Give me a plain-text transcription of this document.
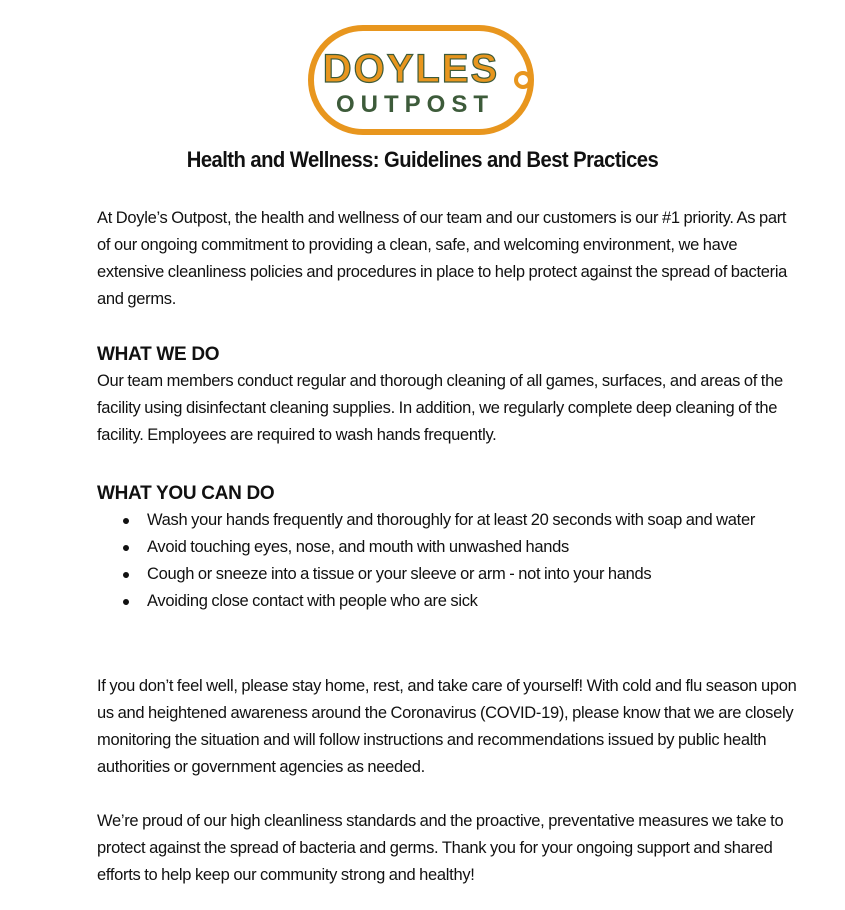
DOYLES
OUTPOST
Health and Wellness: Guidelines and Best Practices

At Doyle’s Outpost, the health and wellness of our team and our customers is our #1 priority. As part of our ongoing commitment to providing a clean, safe, and welcoming environment, we have extensive cleanliness policies and procedures in place to help protect against the spread of bacteria and germs.

WHAT WE DO

Our team members conduct regular and thorough cleaning of all games, surfaces, and areas of the facility using disinfectant cleaning supplies. In addition, we regularly complete deep cleaning of the facility. Employees are required to wash hands frequently.

WHAT YOU CAN DO
Wash your hands frequently and thoroughly for at least 20 seconds with soap and water
Avoid touching eyes, nose, and mouth with unwashed hands
Cough or sneeze into a tissue or your sleeve or arm - not into your hands
Avoiding close contact with people who are sick

If you don’t feel well, please stay home, rest, and take care of yourself! With cold and flu season upon us and heightened awareness around the Coronavirus (COVID-19), please know that we are closely monitoring the situation and will follow instructions and recommendations issued by public health authorities or government agencies as needed.

We’re proud of our high cleanliness standards and the proactive, preventative measures we take to protect against the spread of bacteria and germs. Thank you for your ongoing support and shared efforts to help keep our community strong and healthy!
